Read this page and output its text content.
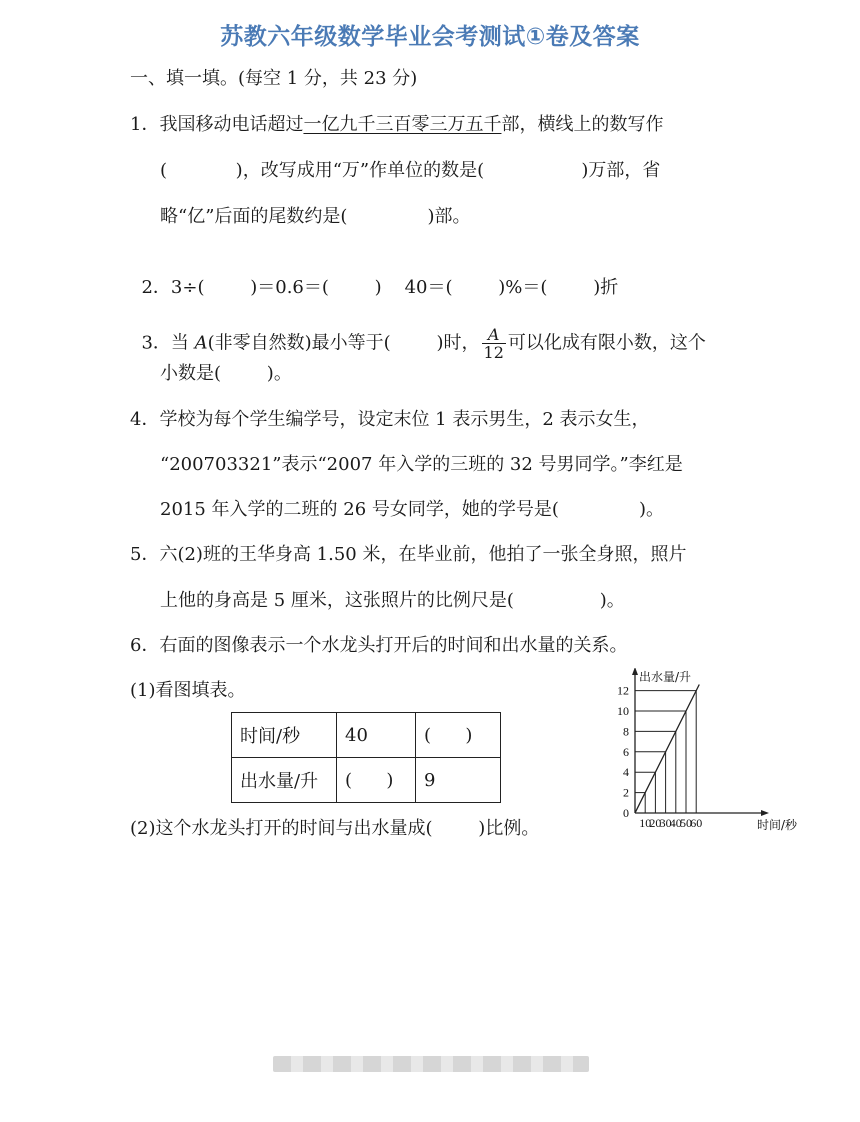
苏教六年级数学毕业会考测试①卷及答案
一、填一填。(每空 1 分，共 23 分)
1．我国移动电话超过一亿九千三百零三万五千部，横线上的数写作
(            )，改写成用“万”作单位的数是(                 )万部，省
略“亿”后面的尾数约是(              )部。

2．3÷(        )＝0.6＝(        )    40＝(        )%＝(        )折

3．当 A(非零自然数)最小等于(        )时， $\frac{A}{12}$ 可以化成有限小数，这个

小数是(        )。
4．学校为每个学生编学号，设定末位 1 表示男生，2 表示女生，
“200703321”表示“2007 年入学的三班的 32 号男同学。”李红是
2015 年入学的二班的 26 号女同学，她的学号是(              )。
5．六(2)班的王华身高 1.50 米，在毕业前，他拍了一张全身照，照片
上他的身高是 5 厘米，这张照片的比例尺是(               )。
6．右面的图像表示一个水龙头打开后的时间和出水量的关系。
(1)看图填表。
时间/秒	40	(      )
出水量/升	(      )	9
(2)这个水龙头打开的时间与出水量成(        )比例。	10
20
30
40
50
60
2
4
6
8
10
12
0
时间/秒
出水量/升
